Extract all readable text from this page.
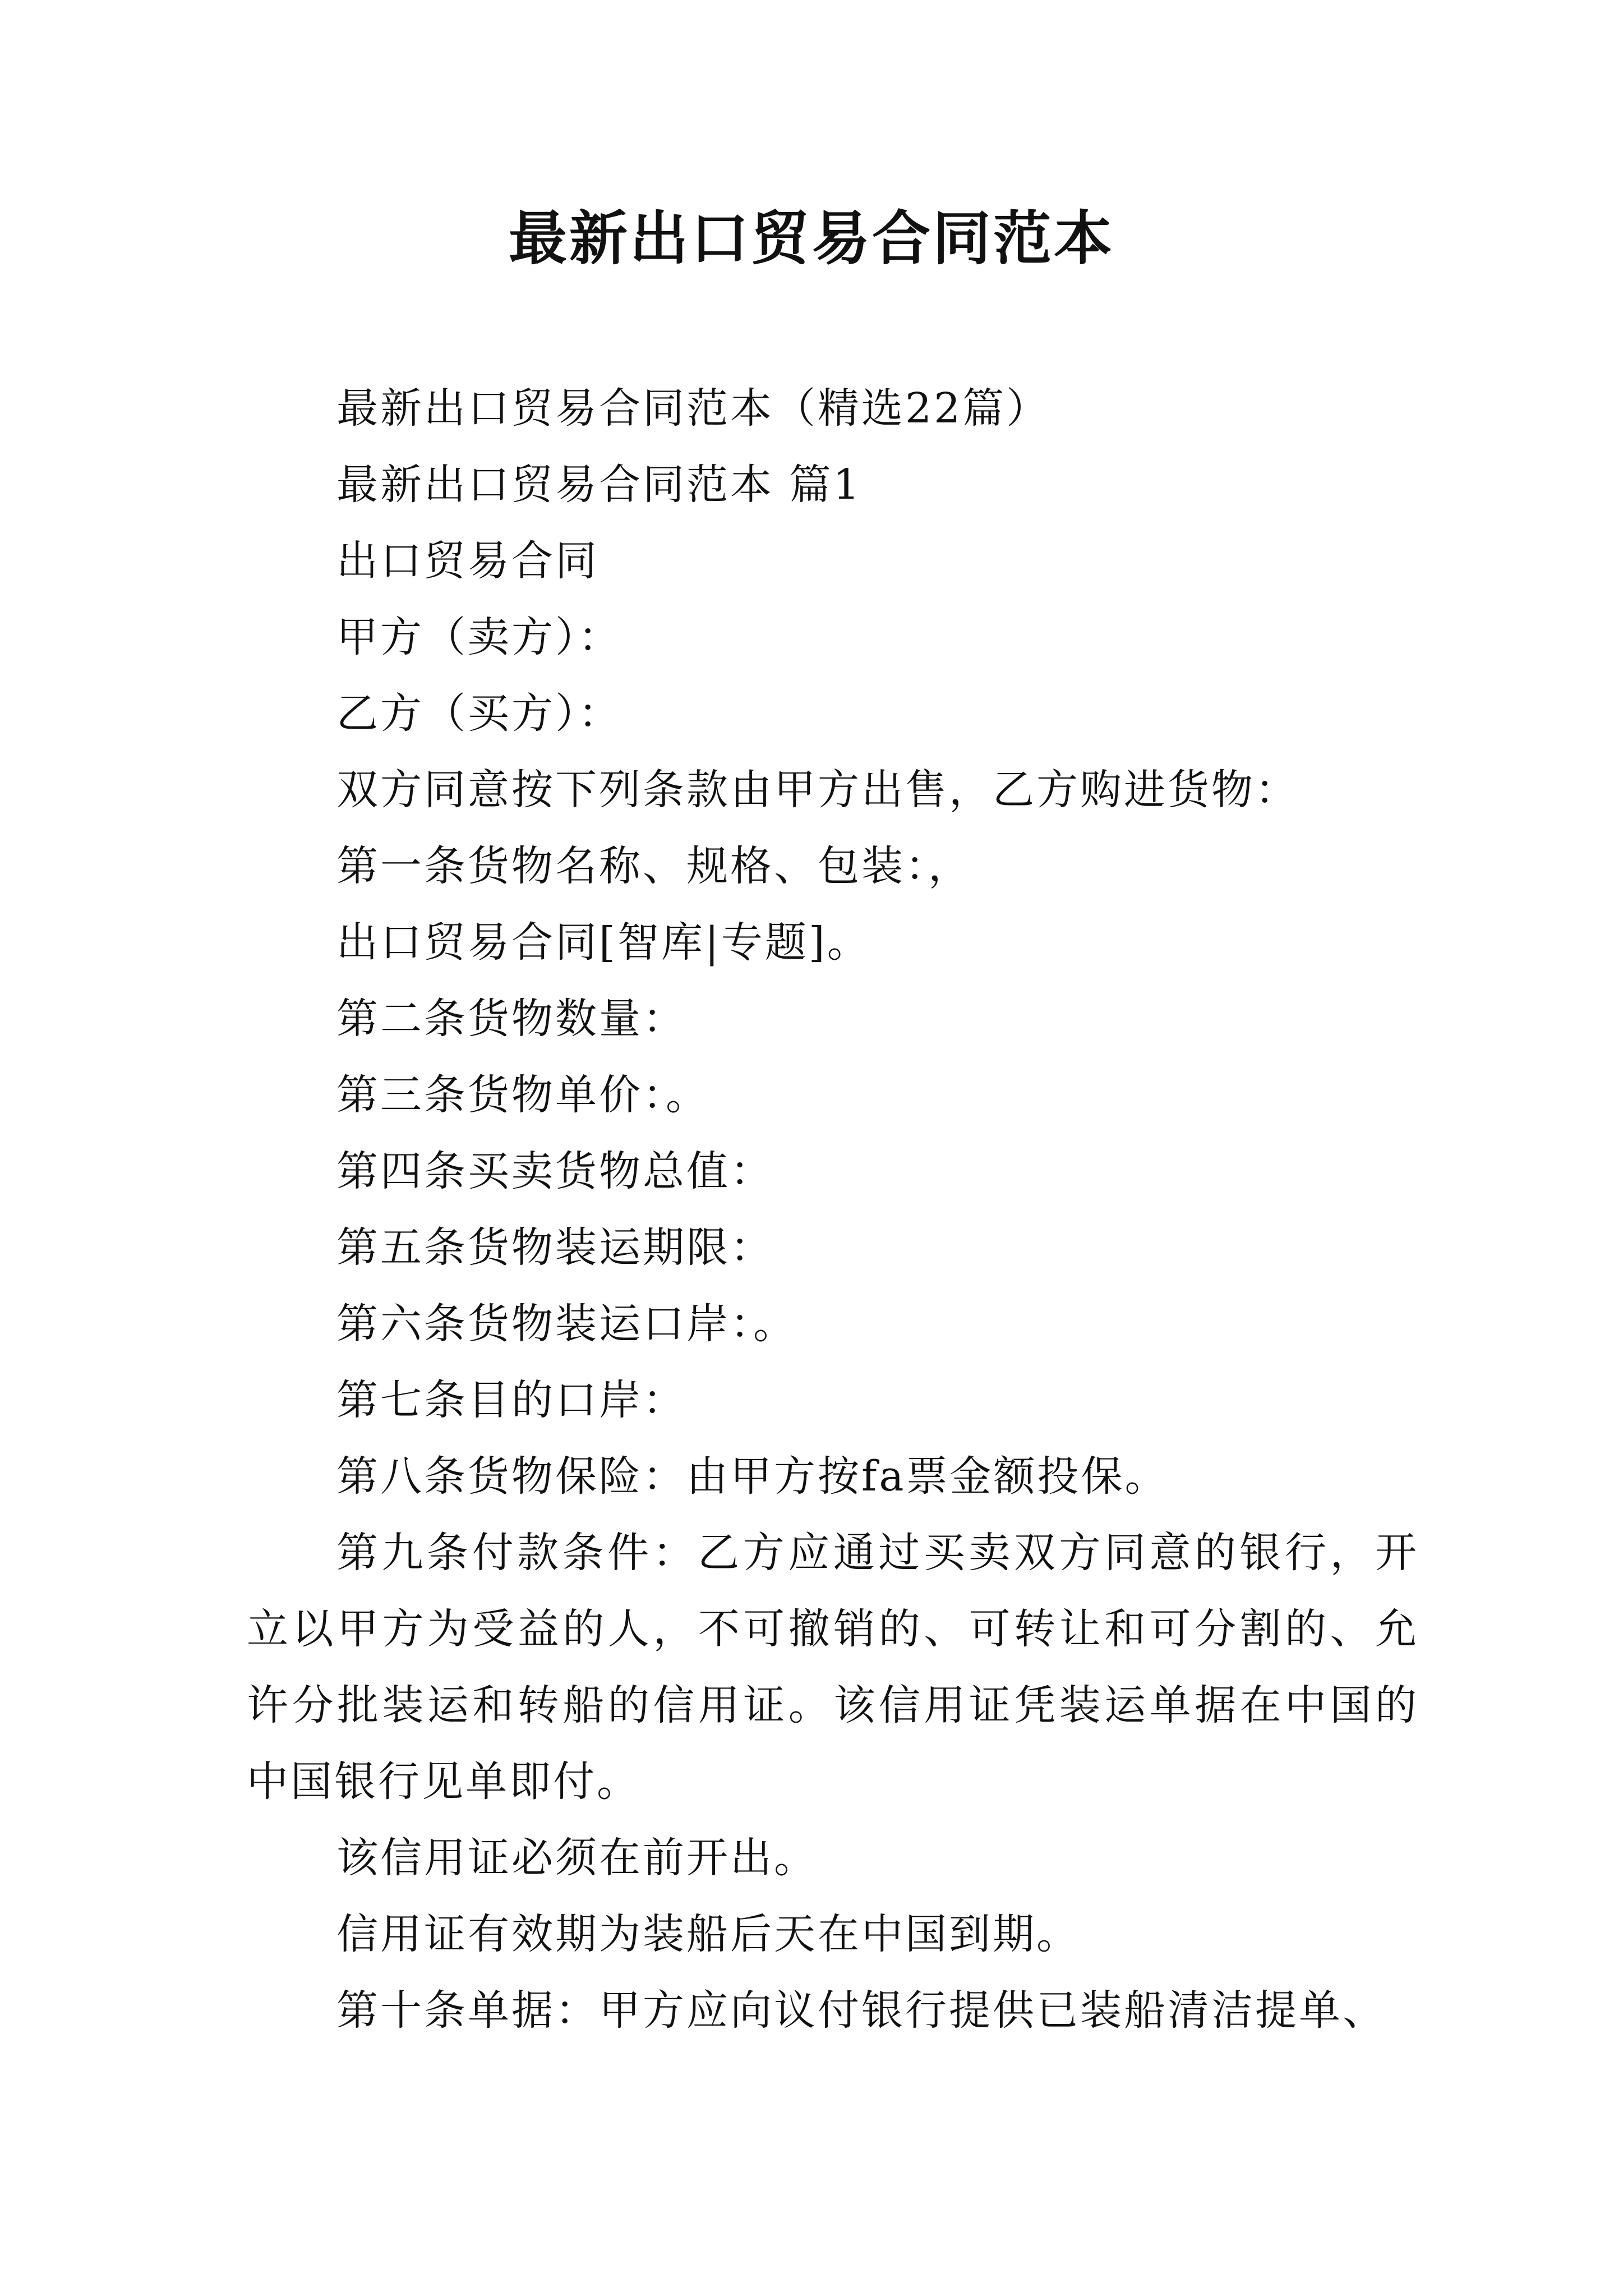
最新出口贸易合同范本

最新出口贸易合同范本（精选22篇）

最新出口贸易合同范本 篇1

出口贸易合同

甲方（卖方）：

乙方（买方）：

双方同意按下列条款由甲方出售，乙方购进货物：

第一条货物名称、规格、包装：，

出口贸易合同[智库|专题]。

第二条货物数量：

第三条货物单价：。

第四条买卖货物总值：

第五条货物装运期限：

第六条货物装运口岸：。

第七条目的口岸：

第八条货物保险：由甲方按fa票金额投保。

第九条付款条件：乙方应通过买卖双方同意的银行，开立以甲方为受益的人，不可撤销的、可转让和可分割的、允许分批装运和转船的信用证。该信用证凭装运单据在中国的中国银行见单即付。

该信用证必须在前开出。

信用证有效期为装船后天在中国到期。

第十条单据：甲方应向议付银行提供已装船清洁提单、
